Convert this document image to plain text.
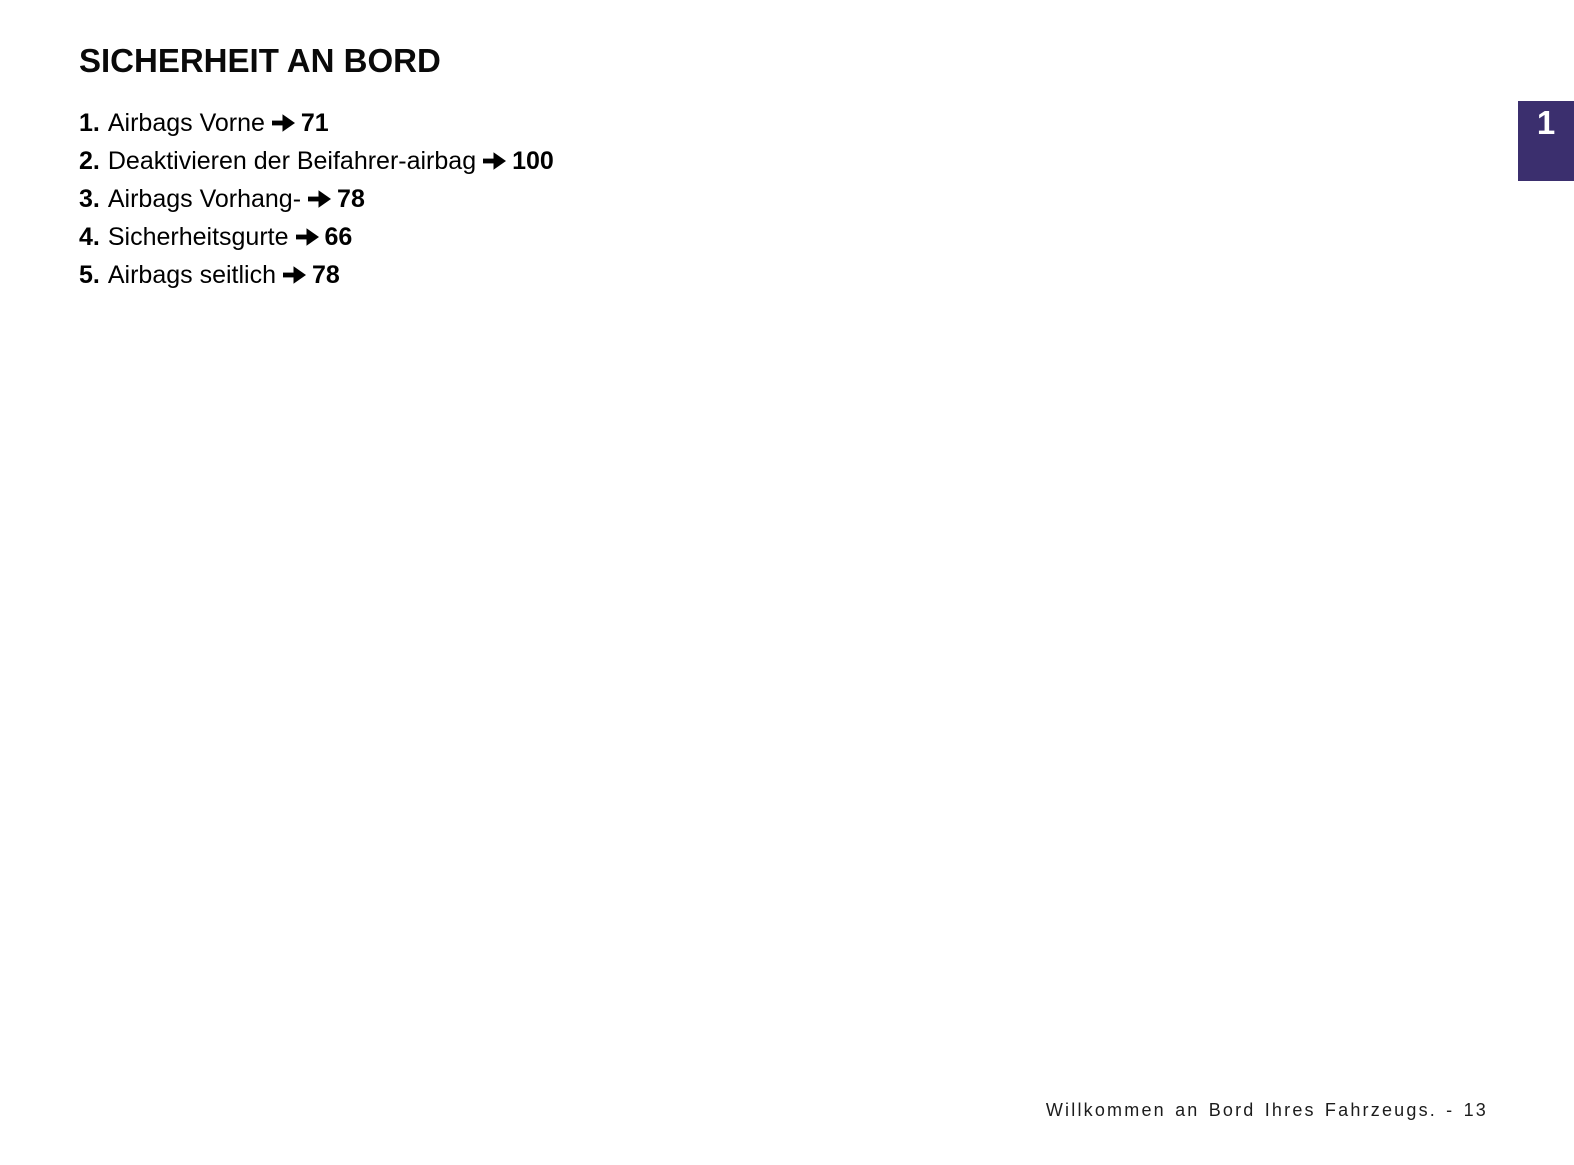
SICHERHEIT AN BORD
1. Airbags Vorne 71
2. Deaktivieren der Beifahrer-airbag 100
3. Airbags Vorhang- 78
4. Sicherheitsgurte 66
5. Airbags seitlich 78
1
Willkommen an Bord Ihres Fahrzeugs. - 13
